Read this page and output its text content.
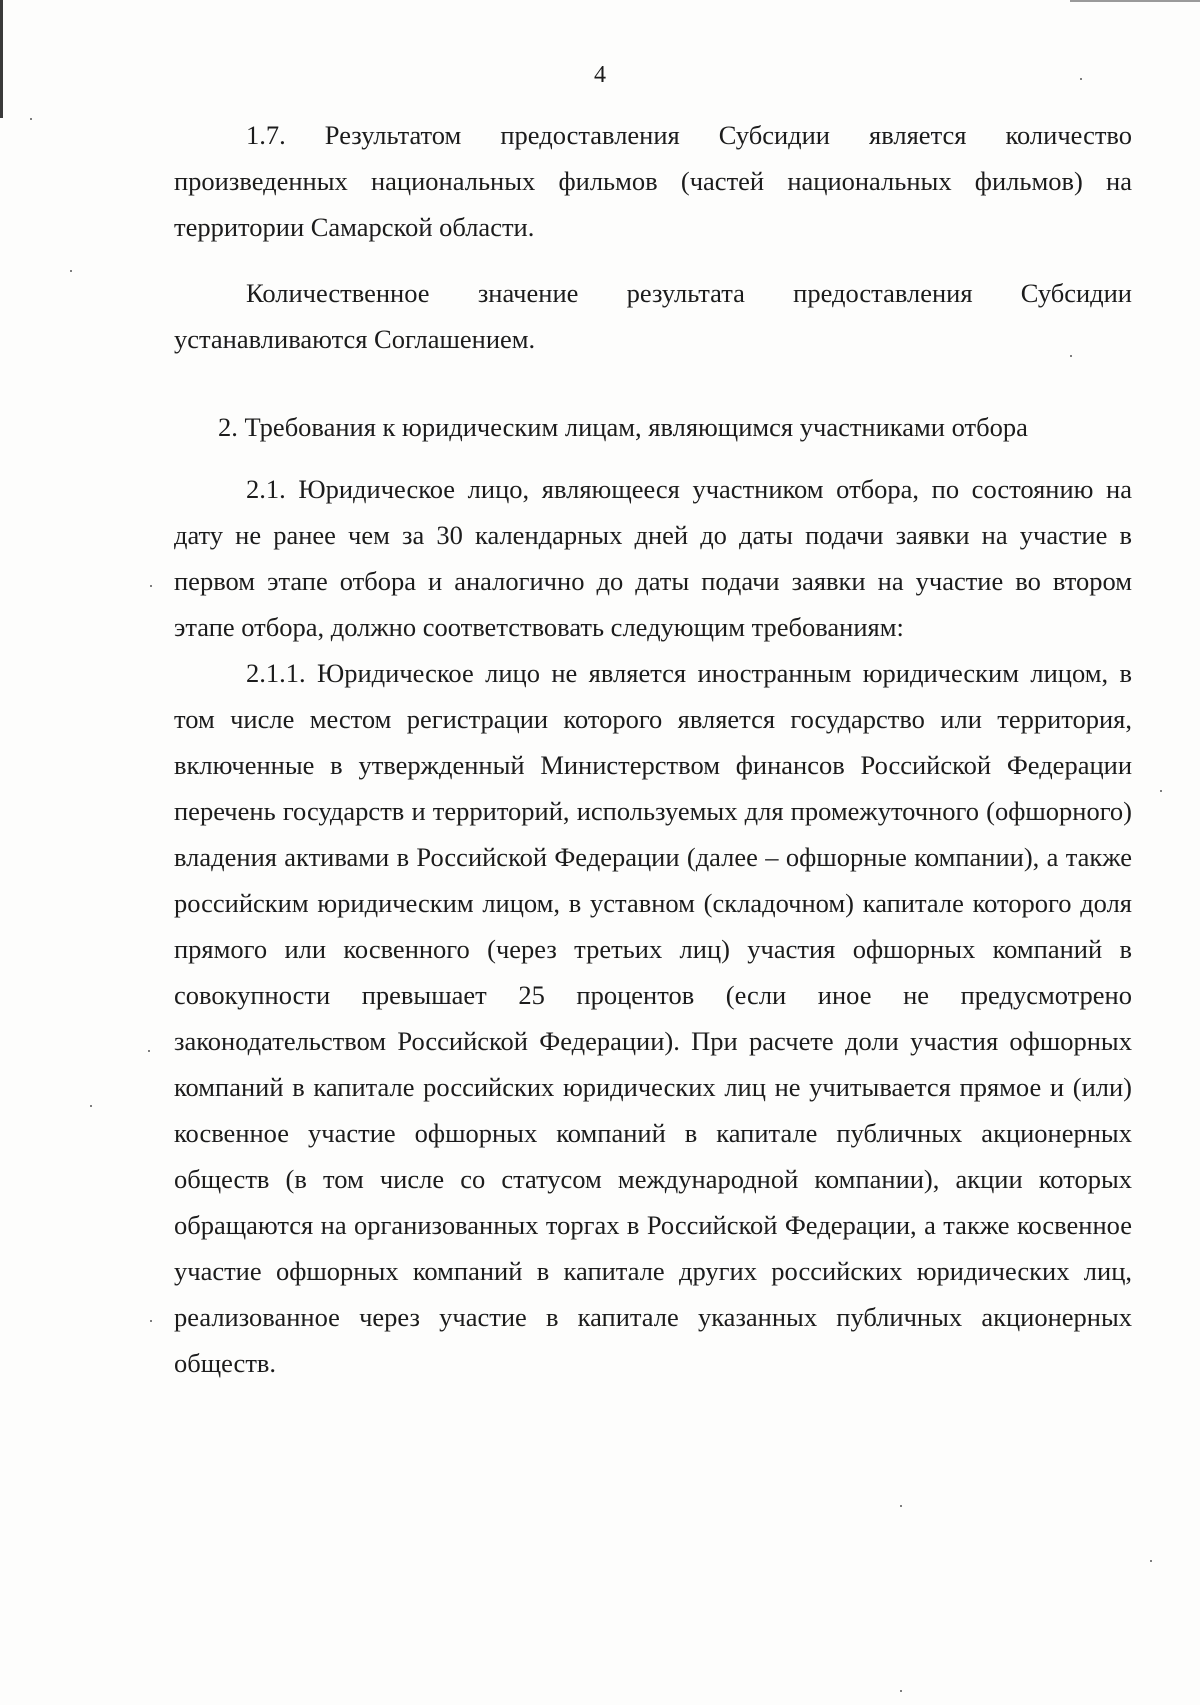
4

1.7. Результатом предоставления Субсидии является количество произведенных национальных фильмов (частей национальных фильмов) на территории Самарской области.

Количественное значение результата предоставления Субсидии устанавливаются Соглашением.

2. Требования к юридическим лицам, являющимся участниками отбора

2.1. Юридическое лицо, являющееся участником отбора, по состоянию на дату не ранее чем за 30 календарных дней до даты подачи заявки на участие в первом этапе отбора и аналогично до даты подачи заявки на участие во втором этапе отбора, должно соответствовать следующим требованиям:

2.1.1. Юридическое лицо не является иностранным юридическим лицом, в том числе местом регистрации которого является государство или территория, включенные в утвержденный Министерством финансов Российской Федерации перечень государств и территорий, используемых для промежуточного (офшорного) владения активами в Российской Федерации (далее – офшорные компании), а также российским юридическим лицом, в уставном (складочном) капитале которого доля прямого или косвенного (через третьих лиц) участия офшорных компаний в совокупности превышает 25 процентов (если иное не предусмотрено законодательством Российской Федерации). При расчете доли участия офшорных компаний в капитале российских юридических лиц не учитывается прямое и (или) косвенное участие офшорных компаний в капитале публичных акционерных обществ (в том числе со статусом международной компании), акции которых обращаются на организованных торгах в Российской Федерации, а также косвенное участие офшорных компаний в капитале других российских юридических лиц, реализованное через участие в капитале указанных публичных акционерных обществ.
